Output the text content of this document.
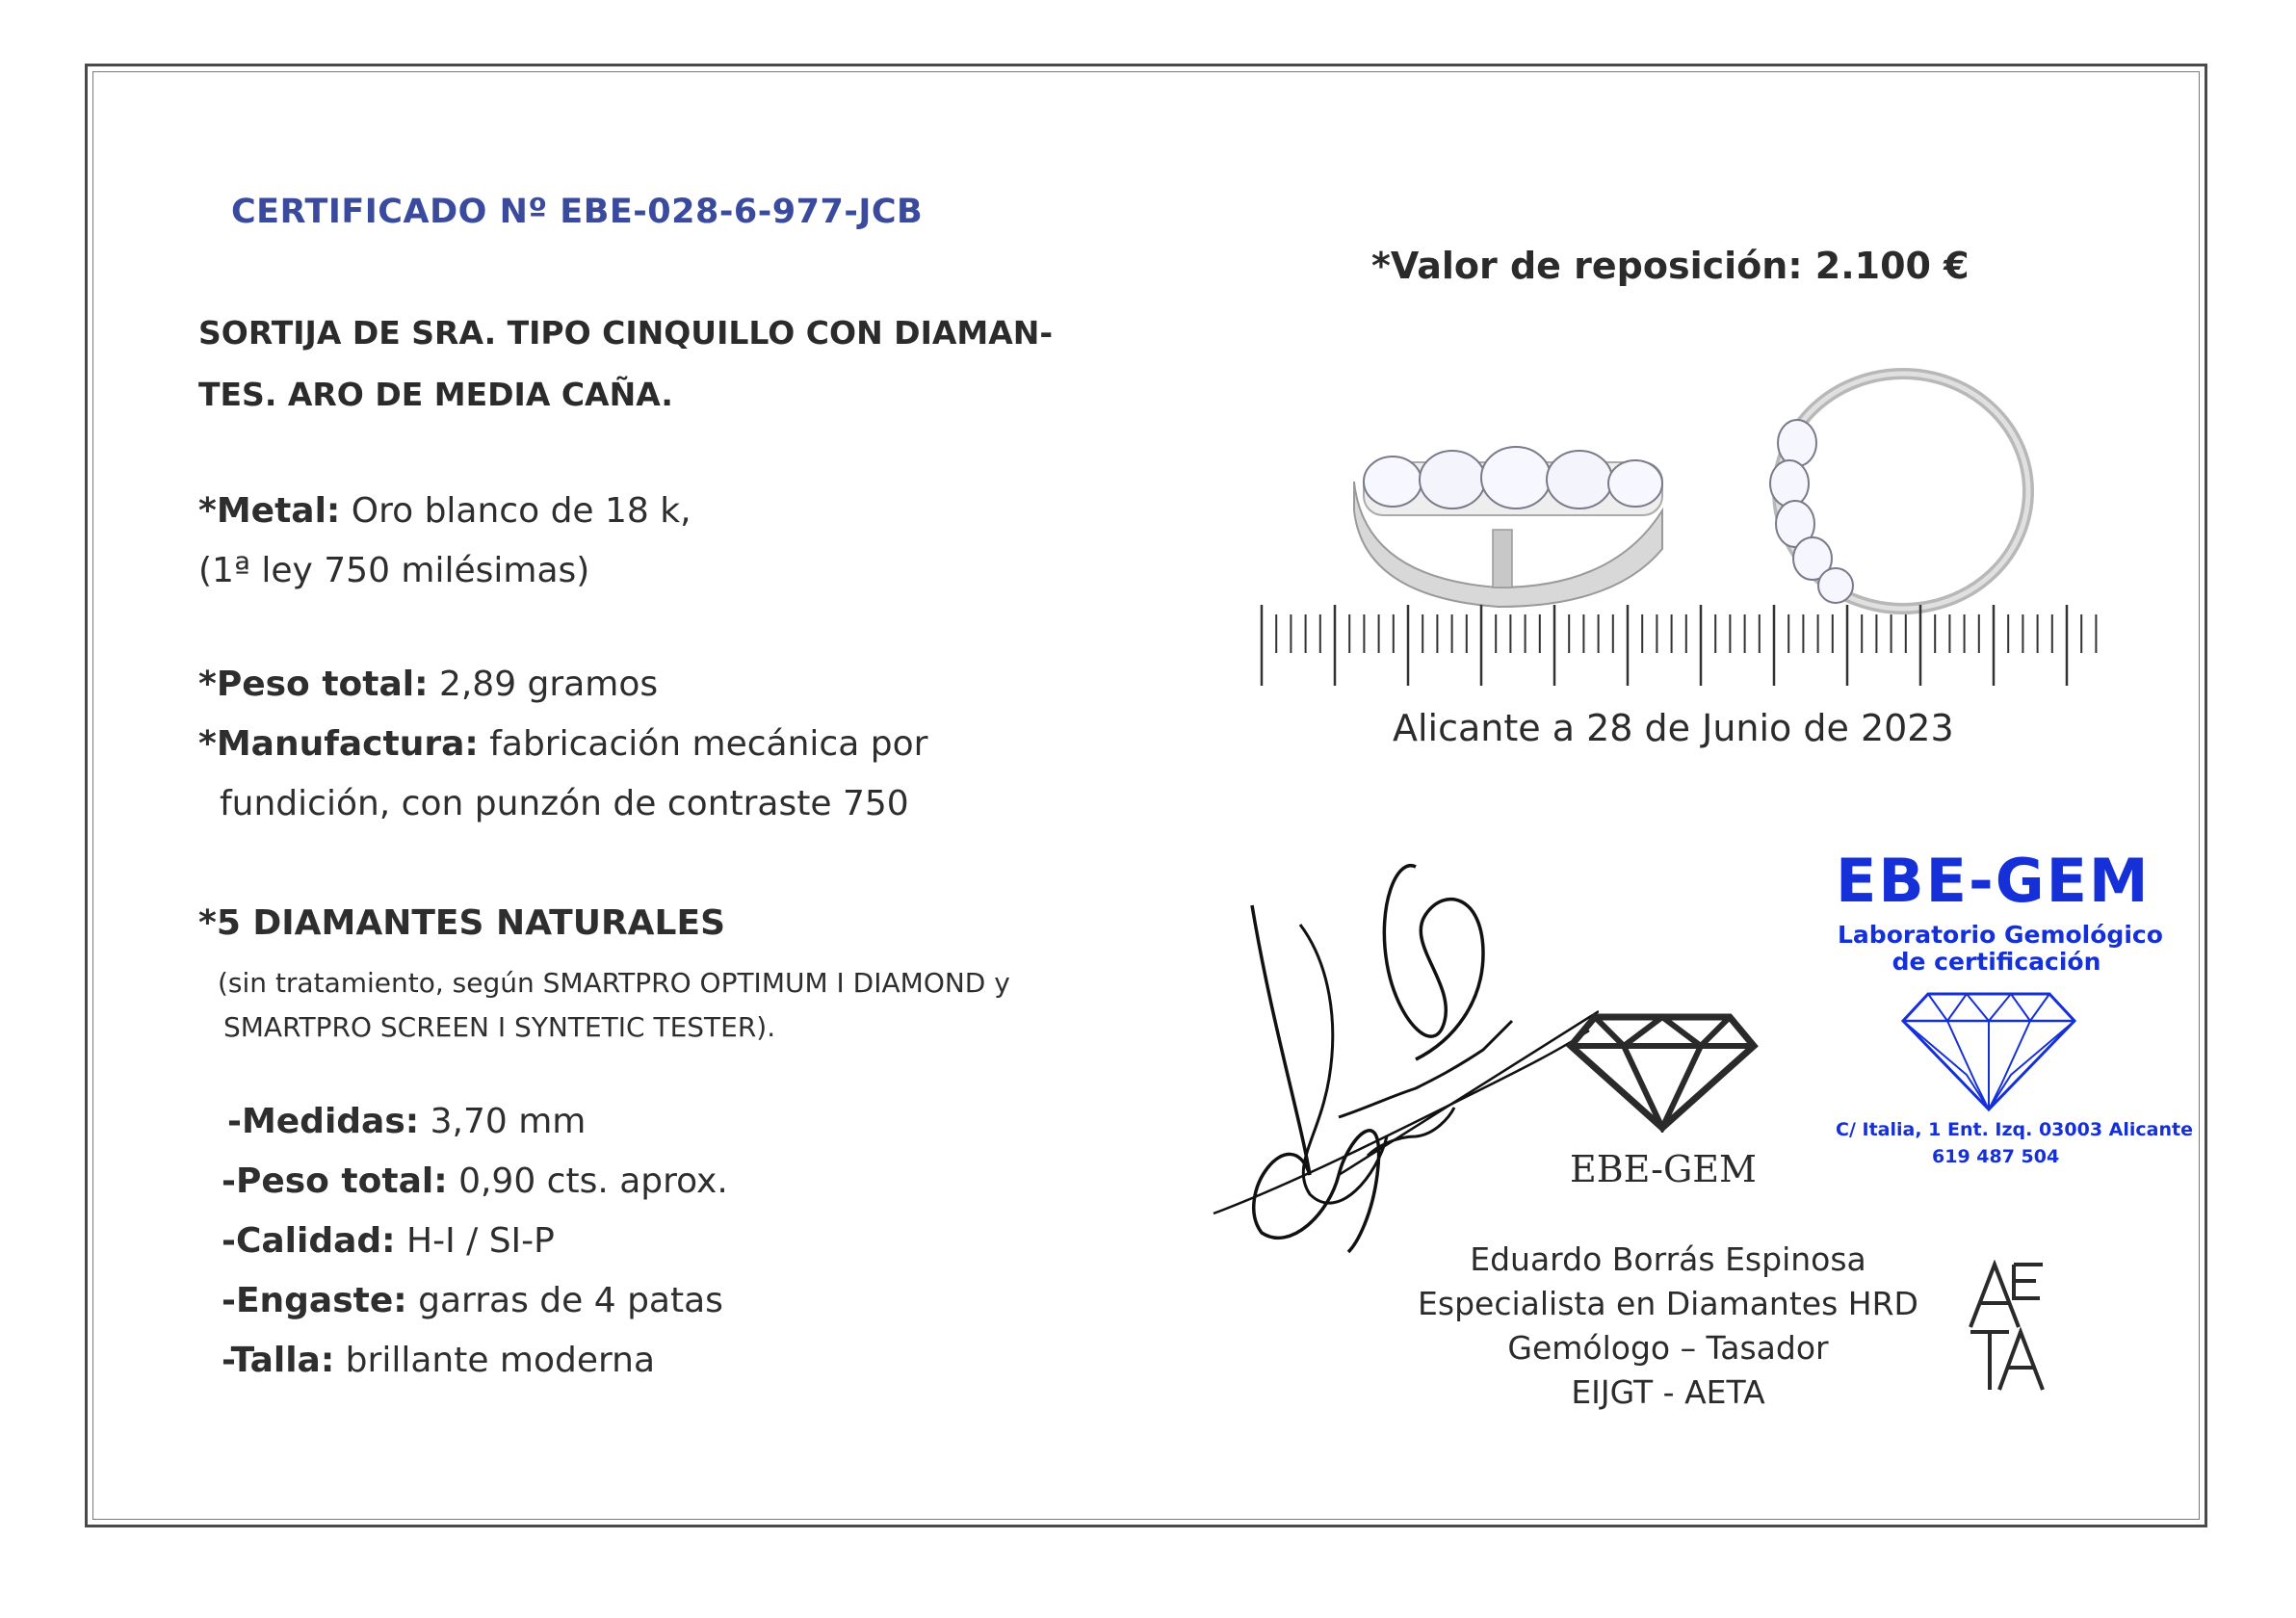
CERTIFICADO Nº EBE-028-6-977-JCB
SORTIJA DE SRA. TIPO CINQUILLO CON DIAMAN-
TES. ARO DE MEDIA CAÑA.
*Metal: Oro blanco de 18 k,
(1ª ley 750 milésimas)
*Peso total: 2,89 gramos
*Manufactura: fabricación mecánica por
fundición, con punzón de contraste 750
*5 DIAMANTES NATURALES
(sin tratamiento, según SMARTPRO OPTIMUM I DIAMOND y
SMARTPRO SCREEN I SYNTETIC TESTER).
-Medidas: 3,70 mm
-Peso total: 0,90 cts. aprox.
-Calidad: H-I / SI-P
-Engaste: garras de 4 patas
-Talla: brillante moderna
*Valor de reposición: 2.100 €
Alicante a 28 de Junio de 2023
EBE-GEM
EBE-GEM
Laboratorio Gemológico
de certificación
C/ Italia, 1 Ent. Izq. 03003 Alicante
619 487 504
Eduardo Borrás Espinosa
Especialista en Diamantes HRD
Gemólogo – Tasador
EIJGT - AETA
